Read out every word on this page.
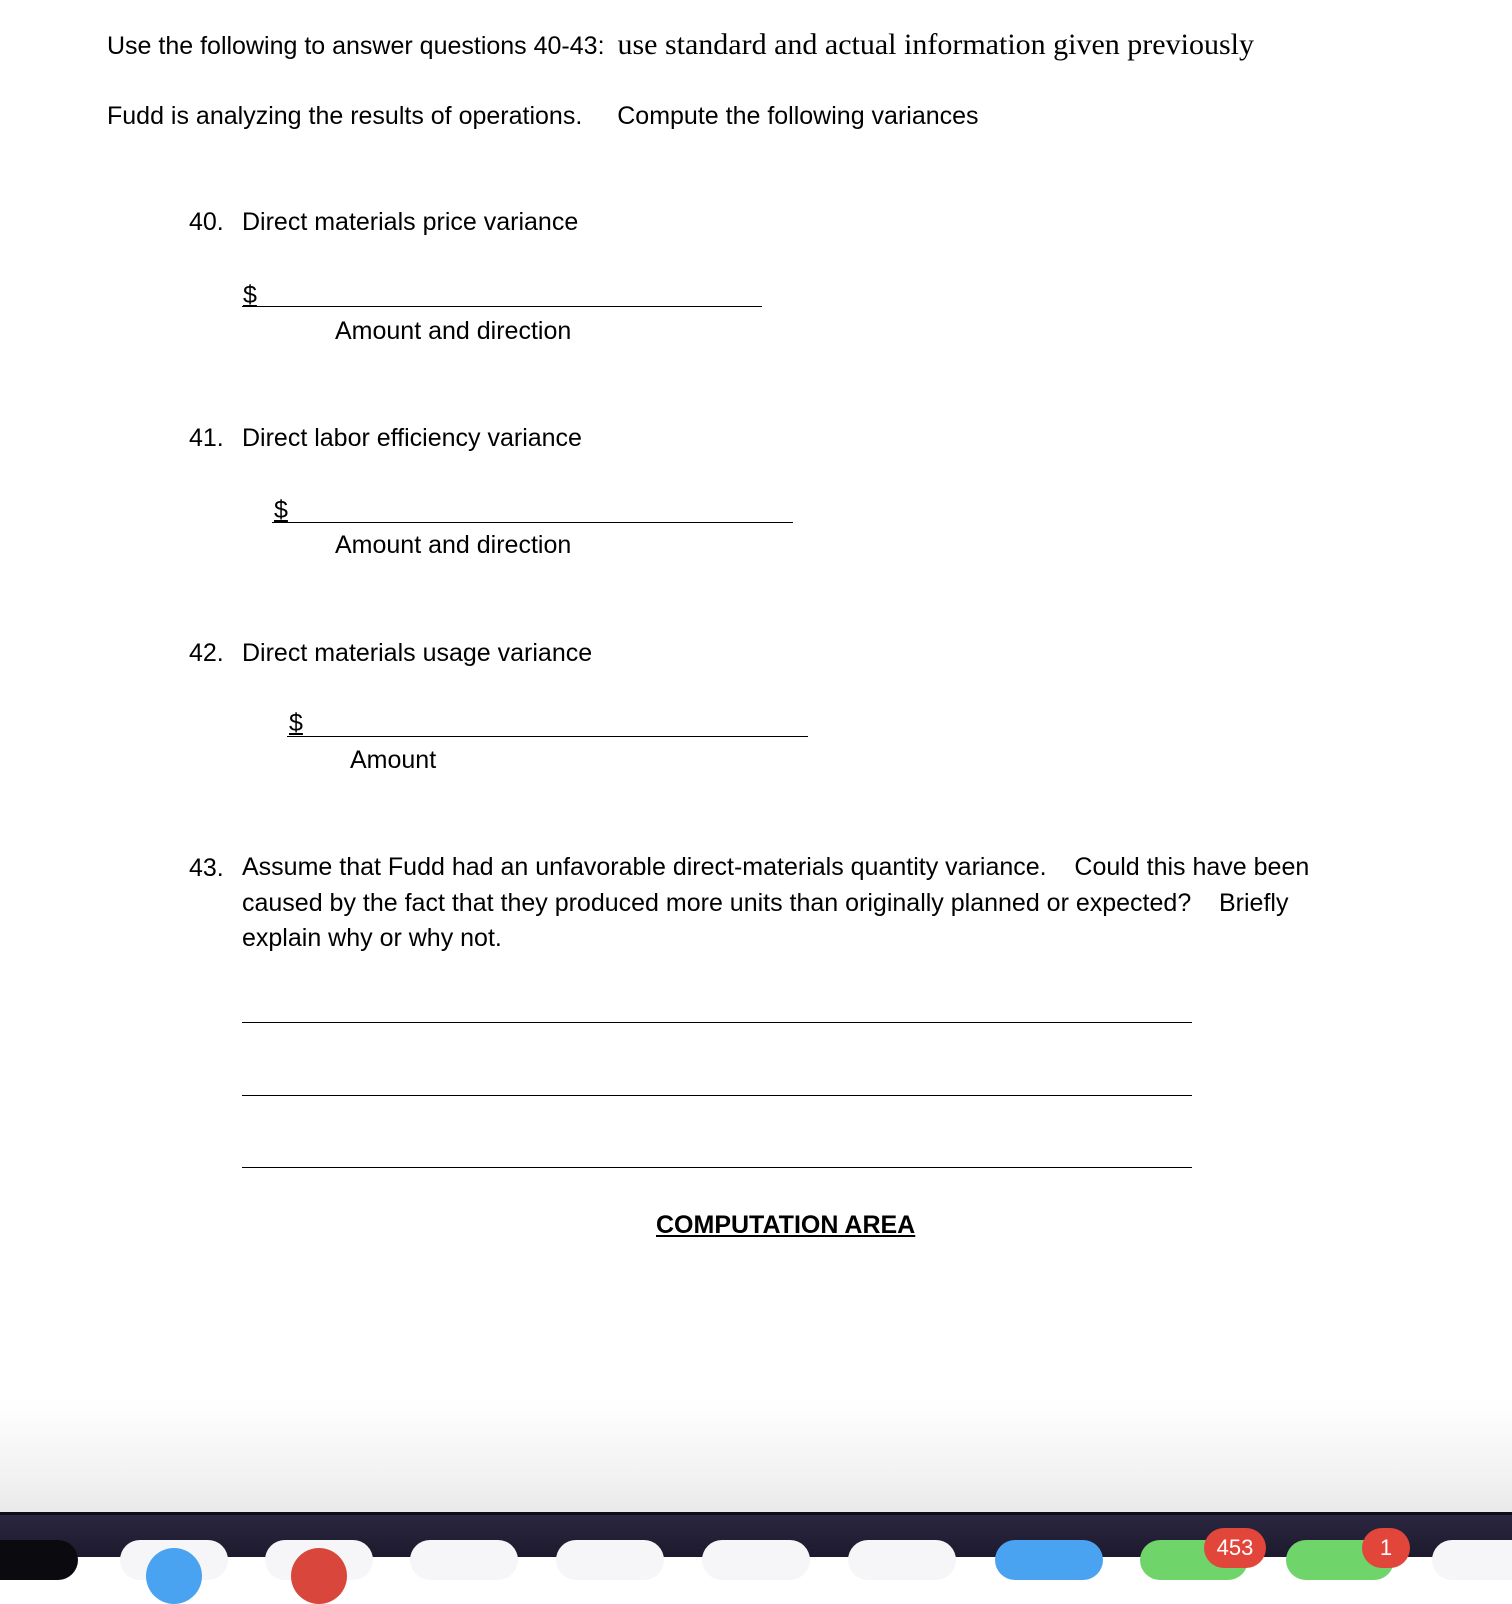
Use the following to answer questions 40-43: use standard and actual information given previously
Fudd is analyzing the results of operations. Compute the following variances
40. Direct materials price variance
$
Amount and direction
41. Direct labor efficiency variance
$
Amount and direction
42. Direct materials usage variance
$
Amount
43. Assume that Fudd had an unfavorable direct-materials quantity variance.    Could this have been
caused by the fact that they produced more units than originally planned or expected?    Briefly
explain why or why not.
COMPUTATION AREA
453	1
